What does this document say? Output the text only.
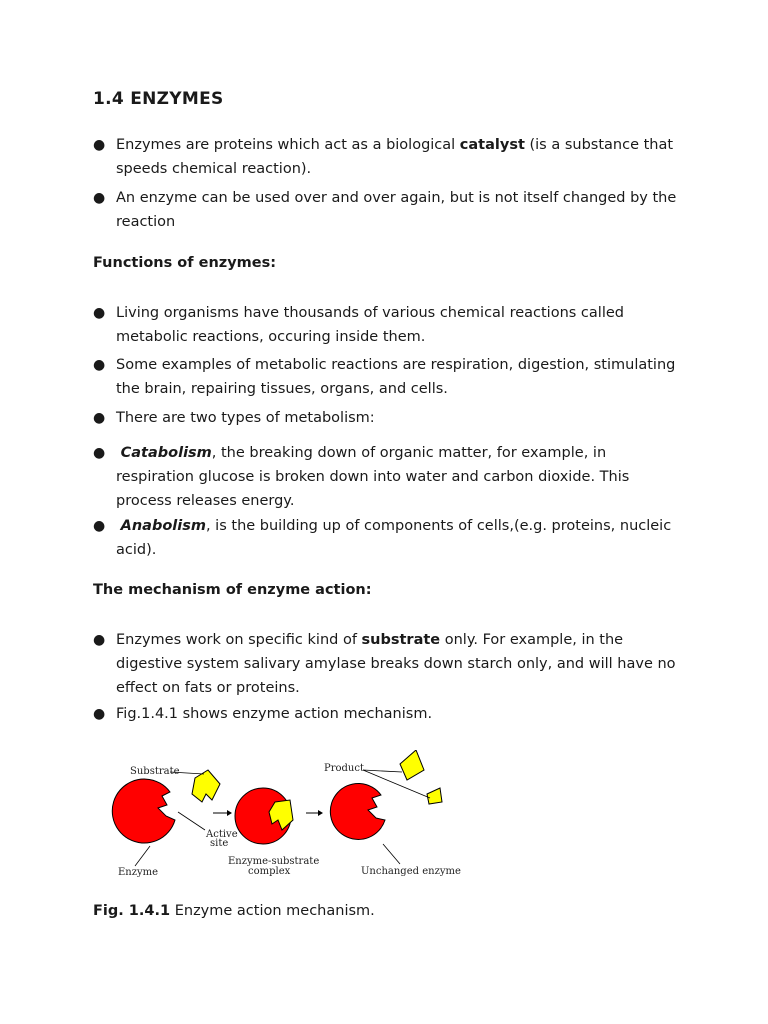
1.4 ENZYMES
● Enzymes are proteins which act as a biological catalyst (is a substance that speeds chemical reaction).
● An enzyme can be used over and over again, but is not itself changed by the reaction
Functions of enzymes:
● Living organisms have thousands of various chemical reactions called metabolic reactions, occuring inside them.
● Some examples of metabolic reactions are respiration, digestion, stimulating the brain, repairing tissues, organs, and cells.
● There are two types of metabolism:
●	Catabolism, the breaking down of organic matter, for example, in respiration glucose is broken down into water and carbon dioxide. This process releases energy.
●	Anabolism, is the building up of components of cells,(e.g. proteins, nucleic acid).
The mechanism of enzyme action:
● Enzymes work on specific kind of substrate only. For example, in the digestive system salivary amylase breaks down starch only, and will have no effect on fats or proteins.
● Fig.1.4.1 shows enzyme action mechanism.
Substrate	Product
Active
site
Enzyme
Enzyme-substrate
complex	Unchanged enzyme
Fig. 1.4.1 Enzyme action mechanism.
